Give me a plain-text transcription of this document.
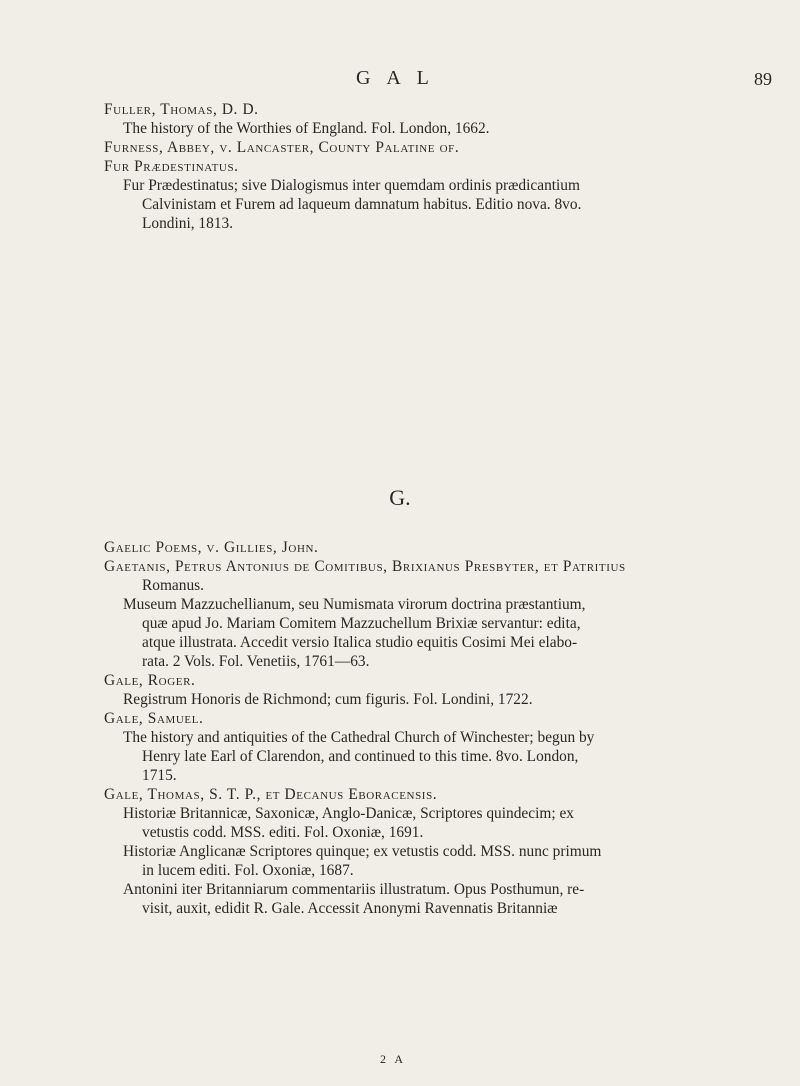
G A L	89
Fuller, Thomas, D. D.
The history of the Worthies of England. Fol. London, 1662.
Furness, Abbey, v. Lancaster, County Palatine of.
Fur Prædestinatus.
Fur Prædestinatus; sive Dialogismus inter quemdam ordinis prædicantium
Calvinistam et Furem ad laqueum damnatum habitus. Editio nova. 8vo.
Londini, 1813.
G.
Gaelic Poems, v. Gillies, John.
Gaetanis, Petrus Antonius de Comitibus, Brixianus Presbyter, et Patritius
Romanus.
Museum Mazzuchellianum, seu Numismata virorum doctrina præstantium,
quæ apud Jo. Mariam Comitem Mazzuchellum Brixiæ servantur: edita,
atque illustrata. Accedit versio Italica studio equitis Cosimi Mei elabo-
rata. 2 Vols. Fol. Venetiis, 1761—63.
Gale, Roger.
Registrum Honoris de Richmond; cum figuris. Fol. Londini, 1722.
Gale, Samuel.
The history and antiquities of the Cathedral Church of Winchester; begun by
Henry late Earl of Clarendon, and continued to this time. 8vo. London,
1715.
Gale, Thomas, S. T. P., et Decanus Eboracensis.
Historiæ Britannicæ, Saxonicæ, Anglo-Danicæ, Scriptores quindecim; ex
vetustis codd. MSS. editi. Fol. Oxoniæ, 1691.
Historiæ Anglicanæ Scriptores quinque; ex vetustis codd. MSS. nunc primum
in lucem editi. Fol. Oxoniæ, 1687.
Antonini iter Britanniarum commentariis illustratum. Opus Posthumun, re-
visit, auxit, edidit R. Gale. Accessit Anonymi Ravennatis Britanniæ
2 A
